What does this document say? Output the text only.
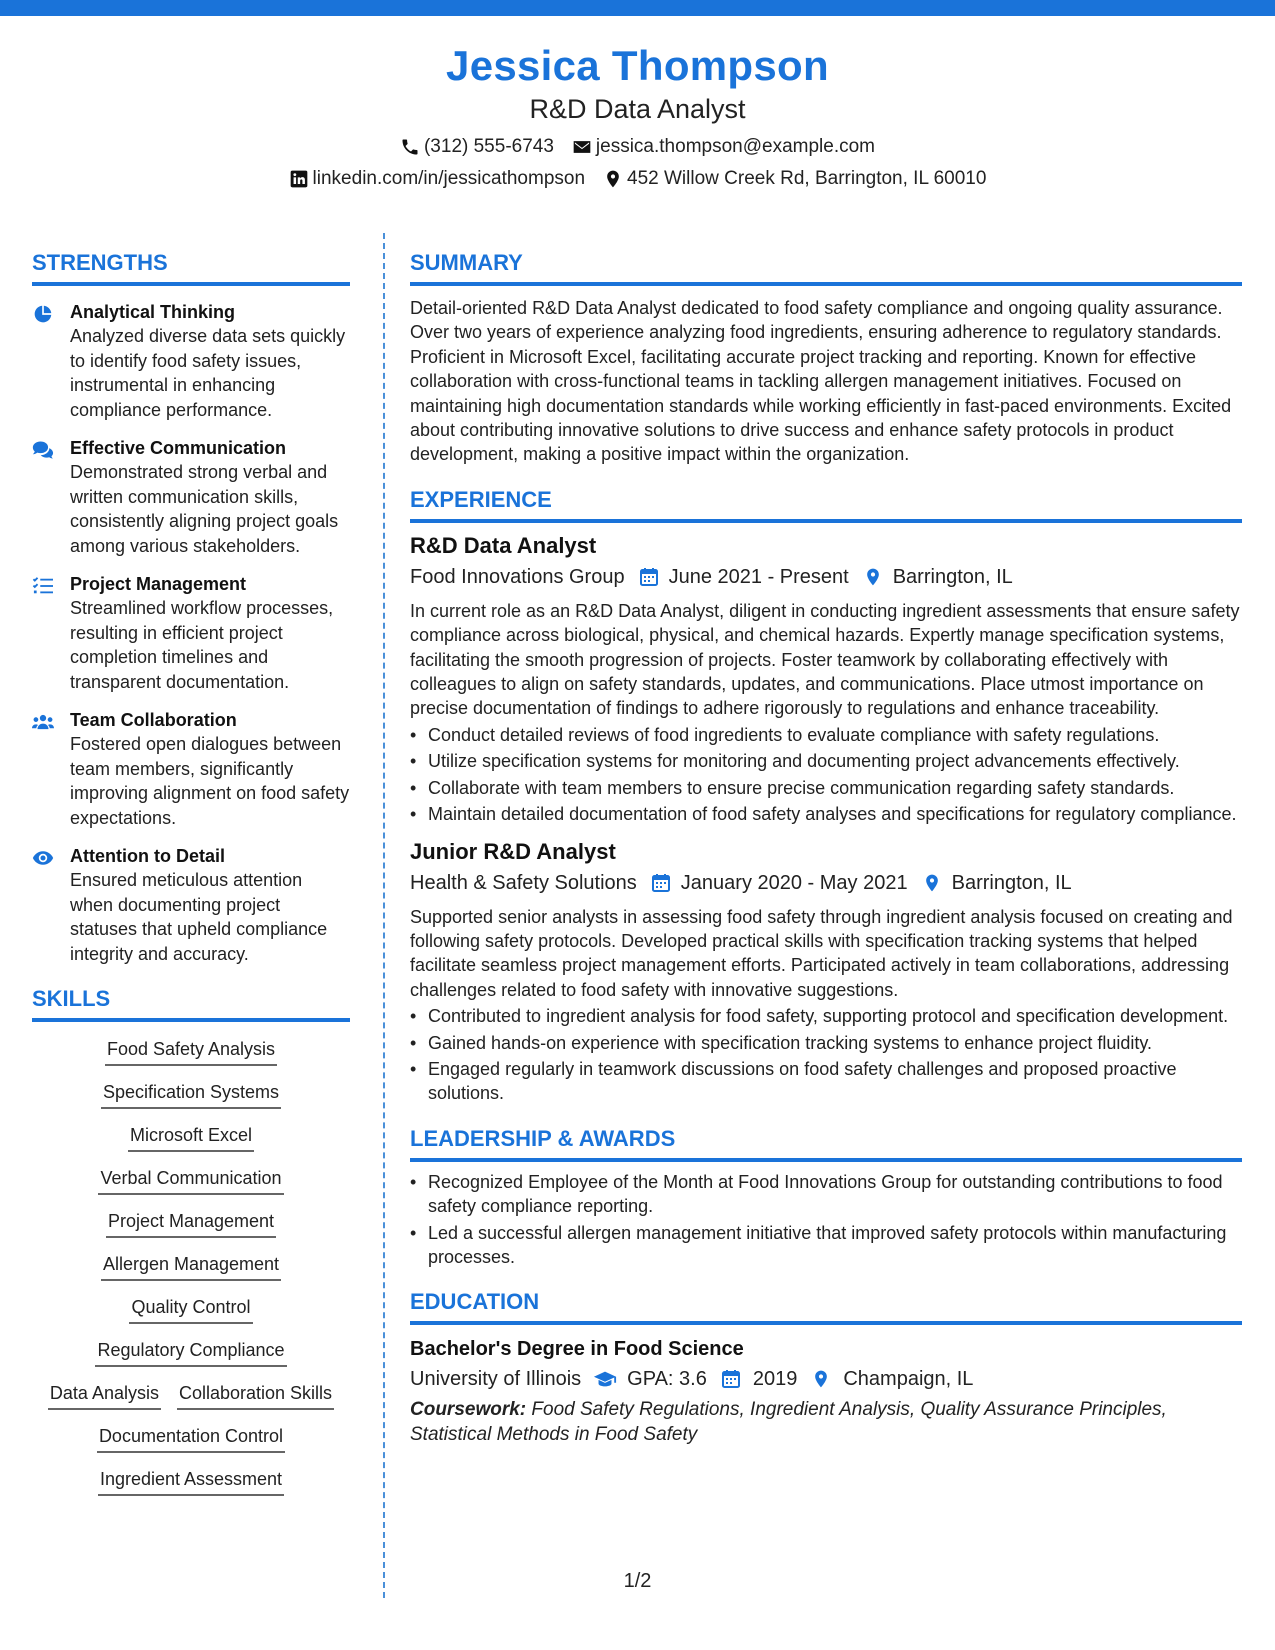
Jessica Thompson
R&D Data Analyst
(312) 555-6743 jessica.thompson@example.com
linkedin.com/in/jessicathompson 452 Willow Creek Rd, Barrington, IL 60010
STRENGTHS
Analytical Thinking
Analyzed diverse data sets quickly to identify food safety issues, instrumental in enhancing compliance performance.
Effective Communication
Demonstrated strong verbal and written communication skills, consistently aligning project goals among various stakeholders.
Project Management
Streamlined workflow processes, resulting in efficient project completion timelines and transparent documentation.
Team Collaboration
Fostered open dialogues between team members, significantly improving alignment on food safety expectations.
Attention to Detail
Ensured meticulous attention when documenting project statuses that upheld compliance integrity and accuracy.
SKILLS
Food Safety Analysis
Specification Systems
Microsoft Excel
Verbal Communication
Project Management
Allergen Management
Quality Control
Regulatory Compliance
Data Analysis Collaboration Skills
Documentation Control
Ingredient Assessment
SUMMARY
Detail-oriented R&D Data Analyst dedicated to food safety compliance and ongoing quality assurance. Over two years of experience analyzing food ingredients, ensuring adherence to regulatory standards. Proficient in Microsoft Excel, facilitating accurate project tracking and reporting. Known for effective collaboration with cross-functional teams in tackling allergen management initiatives. Focused on maintaining high documentation standards while working efficiently in fast-paced environments. Excited about contributing innovative solutions to drive success and enhance safety protocols in product development, making a positive impact within the organization.
EXPERIENCE
R&D Data Analyst
Food Innovations Group June 2021 - Present Barrington, IL
In current role as an R&D Data Analyst, diligent in conducting ingredient assessments that ensure safety compliance across biological, physical, and chemical hazards. Expertly manage specification systems, facilitating the smooth progression of projects. Foster teamwork by collaborating effectively with colleagues to align on safety standards, updates, and communications. Place utmost importance on precise documentation of findings to adhere rigorously to regulations and enhance traceability.
• Conduct detailed reviews of food ingredients to evaluate compliance with safety regulations.
• Utilize specification systems for monitoring and documenting project advancements effectively.
• Collaborate with team members to ensure precise communication regarding safety standards.
• Maintain detailed documentation of food safety analyses and specifications for regulatory compliance.
Junior R&D Analyst
Health & Safety Solutions January 2020 - May 2021 Barrington, IL
Supported senior analysts in assessing food safety through ingredient analysis focused on creating and following safety protocols. Developed practical skills with specification tracking systems that helped facilitate seamless project management efforts. Participated actively in team collaborations, addressing challenges related to food safety with innovative suggestions.
• Contributed to ingredient analysis for food safety, supporting protocol and specification development.
• Gained hands-on experience with specification tracking systems to enhance project fluidity.
• Engaged regularly in teamwork discussions on food safety challenges and proposed proactive solutions.
LEADERSHIP & AWARDS
• Recognized Employee of the Month at Food Innovations Group for outstanding contributions to food safety compliance reporting.
• Led a successful allergen management initiative that improved safety protocols within manufacturing processes.
EDUCATION
Bachelor's Degree in Food Science
University of Illinois GPA: 3.6 2019 Champaign, IL
Coursework: Food Safety Regulations, Ingredient Analysis, Quality Assurance Principles, Statistical Methods in Food Safety
1/2
